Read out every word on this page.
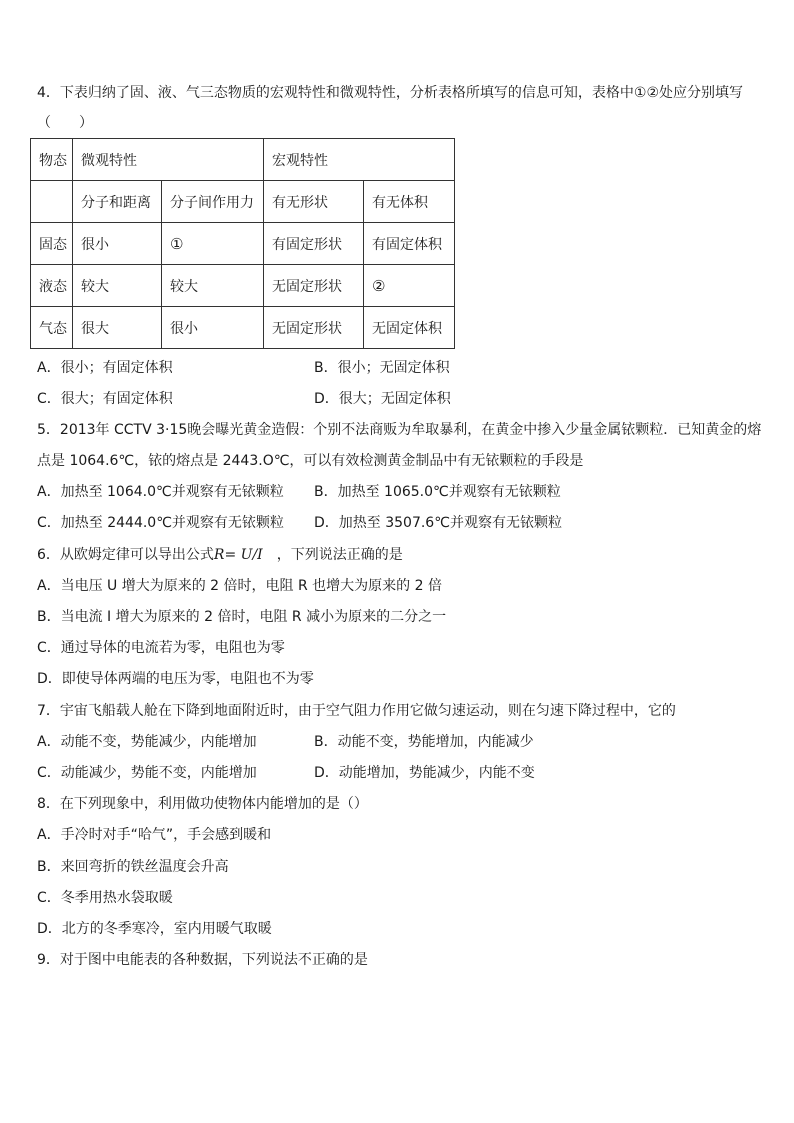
4．下表归纳了固、液、气三态物质的宏观特性和微观特性，分析表格所填写的信息可知，表格中①②处应分别填写
（　　）
物态	微观特性		宏观特性	
	分子和距离	分子间作用力	有无形状	有无体积
固态	很小	①	有固定形状	有固定体积
液态	较大	较大	无固定形状	②
气态	很大	很小	无固定形状	无固定体积
A．很小；有固定体积	B．很小；无固定体积
C．很大；有固定体积	D．很大；无固定体积
5．2013年 CCTV 3·15晚会曝光黄金造假：个别不法商贩为牟取暴利，在黄金中掺入少量金属铱颗粒．已知黄金的熔
点是 1064.6℃，铱的熔点是 2443.O℃，可以有效检测黄金制品中有无铱颗粒的手段是
A．加热至 1064.0℃并观察有无铱颗粒 B．加热至 1065.0℃并观察有无铱颗粒
C．加热至 2444.0℃并观察有无铱颗粒 D．加热至 3507.6℃并观察有无铱颗粒
6．从欧姆定律可以导出公式R= U/I　 ，下列说法正确的是
A．当电压 U 增大为原来的 2 倍时，电阻 R 也增大为原来的 2 倍
B．当电流 I 增大为原来的 2 倍时，电阻 R 减小为原来的二分之一
C．通过导体的电流若为零，电阻也为零
D．即使导体两端的电压为零，电阻也不为零
7．宇宙飞船载人舱在下降到地面附近时，由于空气阻力作用它做匀速运动，则在匀速下降过程中，它的
A．动能不变，势能减少，内能增加	B．动能不变，势能增加，内能减少
C．动能减少，势能不变，内能增加	D．动能增加，势能减少，内能不变
8．在下列现象中，利用做功使物体内能增加的是（）
A．手冷时对手“哈气”，手会感到暖和
B．来回弯折的铁丝温度会升高
C．冬季用热水袋取暖
D．北方的冬季寒冷，室内用暖气取暖
9．对于图中电能表的各种数据，下列说法不正确的是
